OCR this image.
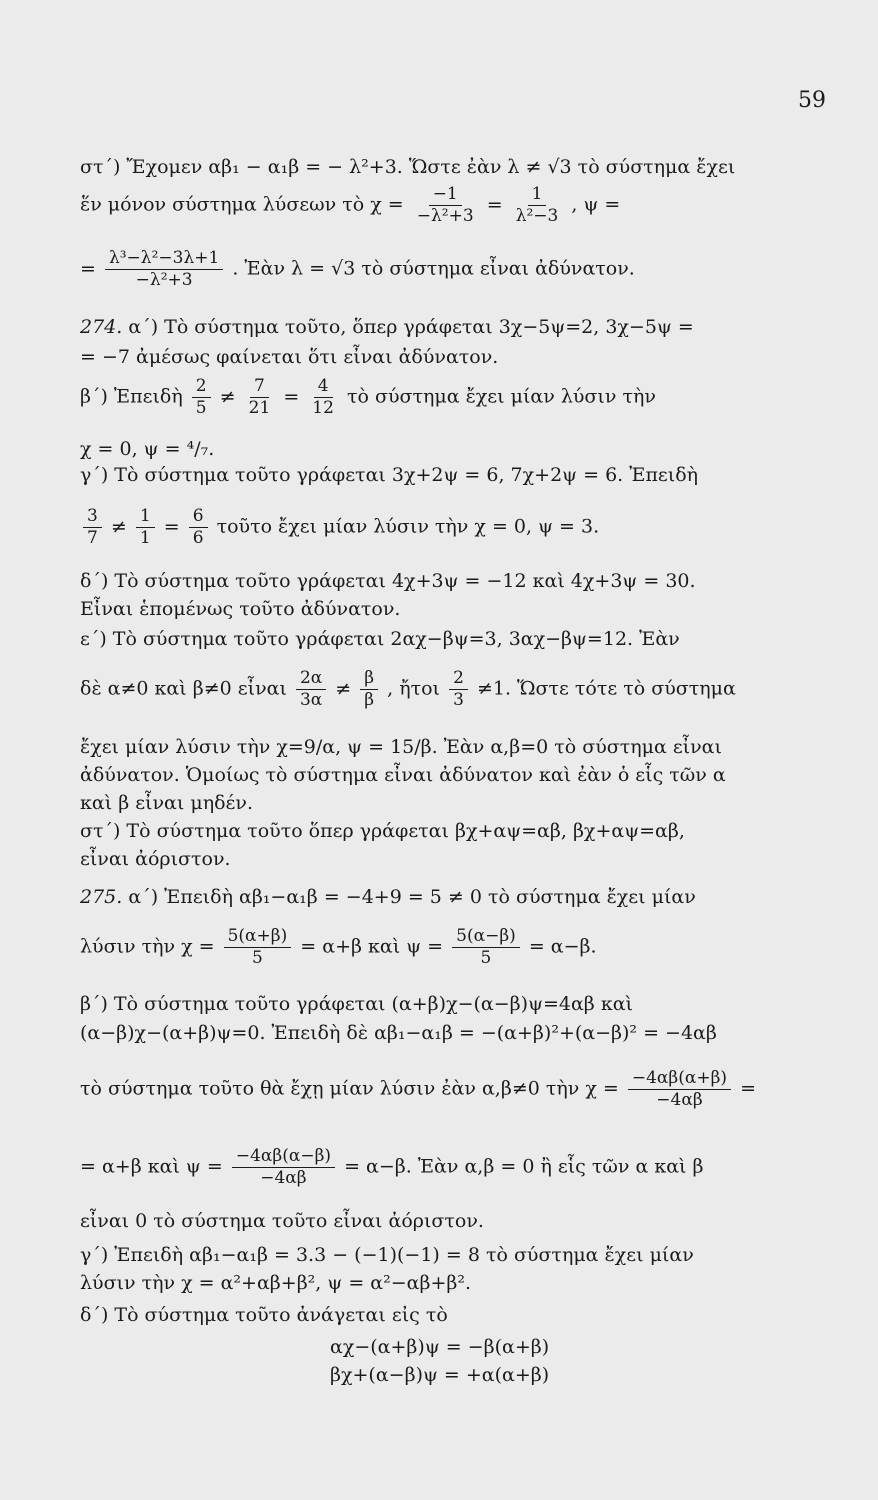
59
στ΄) Ἔχομεν αβ₁ − α₁β = − λ²+3. Ὥστε ἐὰν λ ≠ √3 τὸ σύστημα ἔχει
ἕν μόνον σύστημα λύσεων τὸ $\chi = \frac{-1}{\text{−λ²+3}} = \frac{1}{\text{λ²−3}}$ , ψ =
= $\frac{\text{λ³−λ²−3λ+1}}{\text{−λ²+3}}$ . Ἐὰν λ = √3 τὸ σύστημα εἶναι ἀδύνατον.
274. α΄) Τὸ σύστημα τοῦτο, ὅπερ γράφεται 3χ−5ψ=2, 3χ−5ψ =
= −7 ἀμέσως φαίνεται ὅτι εἶναι ἀδύνατον.
β΄) Ἐπειδὴ $\frac{2}{5} \ne \frac{7}{21} = \frac{4}{12}$ τὸ σύστημα ἔχει μίαν λύσιν τὴν
χ = 0, ψ = ⁴/₇.
γ΄) Τὸ σύστημα τοῦτο γράφεται 3χ+2ψ = 6, 7χ+2ψ = 6. Ἐπειδὴ
$\frac{3}{7} \ne \frac{1}{1} = \frac{6}{6}$ τοῦτο ἔχει μίαν λύσιν τὴν χ = 0, ψ = 3.
δ΄) Τὸ σύστημα τοῦτο γράφεται 4χ+3ψ = −12 καὶ 4χ+3ψ = 30.
Εἶναι ἑπομένως τοῦτο ἀδύνατον.
ε΄) Τὸ σύστημα τοῦτο γράφεται 2αχ−βψ=3, 3αχ−βψ=12. Ἐὰν
δὲ α≠0 καὶ β≠0 εἶναι $\frac{2\alpha}{3\alpha} \ne \frac{\beta}{\beta}$ , ἤτοι $\frac{2}{3} \ne 1$. Ὥστε τότε τὸ σύστημα
ἔχει μίαν λύσιν τὴν χ=9/α, ψ = 15/β. Ἐὰν α,β=0 τὸ σύστημα εἶναι
ἀδύνατον. Ὁμοίως τὸ σύστημα εἶναι ἀδύνατον καὶ ἐὰν ὁ εἷς τῶν α
καὶ β εἶναι μηδέν.
στ΄) Τὸ σύστημα τοῦτο ὅπερ γράφεται βχ+αψ=αβ, βχ+αψ=αβ,
εἶναι ἀόριστον.
275. α΄) Ἐπειδὴ αβ₁−α₁β = −4+9 = 5 ≠ 0 τὸ σύστημα ἔχει μίαν
λύσιν τὴν $\chi = \frac{5(\alpha+\beta)}{5} = \alpha+\beta$ καὶ $\psi = \frac{5(\alpha-\beta)}{5} = \alpha-\beta$.
β΄) Τὸ σύστημα τοῦτο γράφεται (α+β)χ−(α−β)ψ=4αβ καὶ
(α−β)χ−(α+β)ψ=0. Ἐπειδὴ δὲ αβ₁−α₁β = −(α+β)²+(α−β)² = −4αβ
τὸ σύστημα τοῦτο θὰ ἔχῃ μίαν λύσιν ἐὰν α,β≠0 τὴν $\chi = \frac{-4\alpha\beta(\alpha+\beta)}{-4\alpha\beta}$ =
= α+β καὶ $\psi = \frac{-4\alpha\beta(\alpha-\beta)}{-4\alpha\beta} = \alpha-\beta$. Ἐὰν α,β = 0 ἢ εἷς τῶν α καὶ β
εἶναι 0 τὸ σύστημα τοῦτο εἶναι ἀόριστον.
γ΄) Ἐπειδὴ αβ₁−α₁β = 3.3 − (−1)(−1) = 8 τὸ σύστημα ἔχει μίαν
λύσιν τὴν χ = α²+αβ+β², ψ = α²−αβ+β².
δ΄) Τὸ σύστημα τοῦτο ἀνάγεται εἰς τὸ
αχ−(α+β)ψ = −β(α+β)
βχ+(α−β)ψ = +α(α+β)
